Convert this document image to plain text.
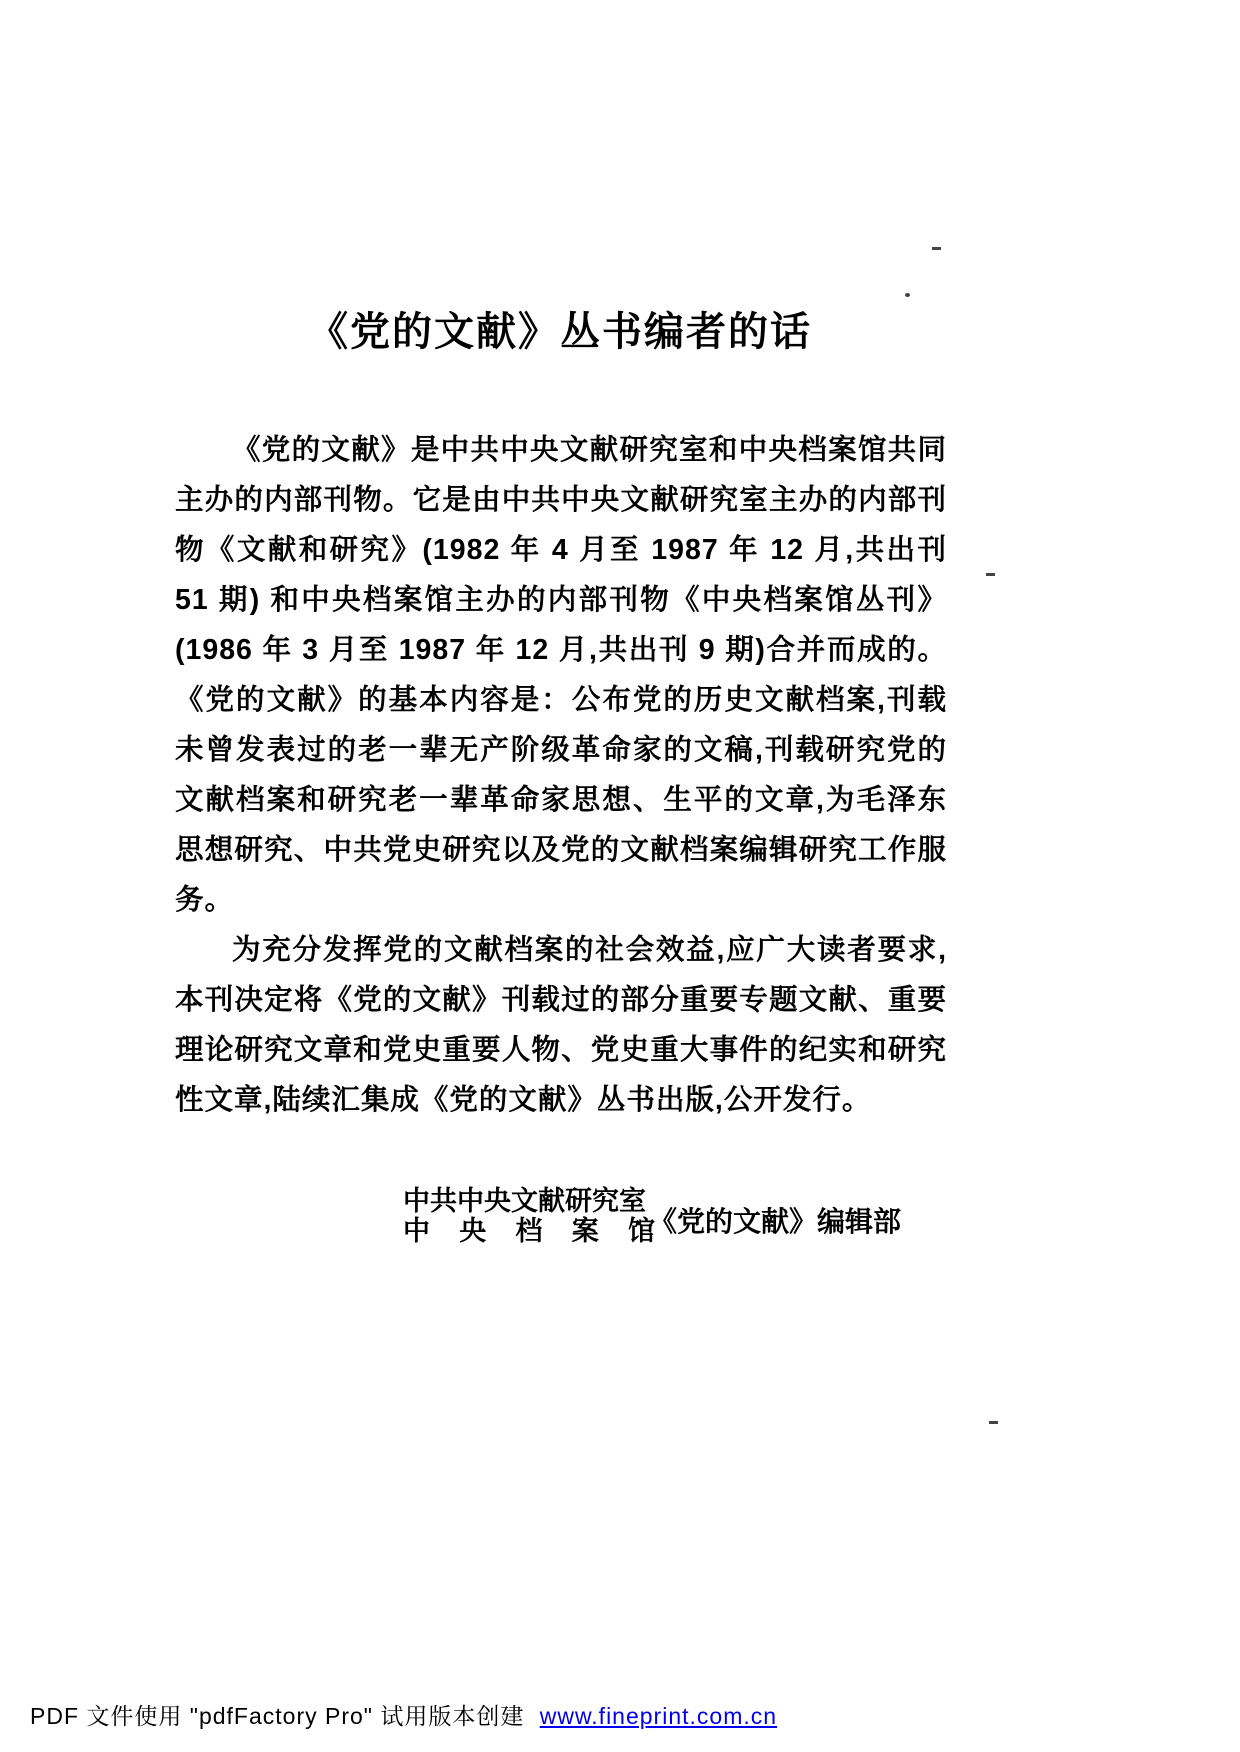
《党的文献》丛书编者的话

《党的文献》是中共中央文献研究室和中央档案馆共同主办的内部刊物。它是由中共中央文献研究室主办的内部刊物《文献和研究》(1982 年 4 月至 1987 年 12 月,共出刊 51 期) 和中央档案馆主办的内部刊物《中央档案馆丛刊》(1986 年 3 月至 1987 年 12 月,共出刊 9 期)合并而成的。《党的文献》的基本内容是：公布党的历史文献档案,刊载未曾发表过的老一辈无产阶级革命家的文稿,刊载研究党的文献档案和研究老一辈革命家思想、生平的文章,为毛泽东思想研究、中共党史研究以及党的文献档案编辑研究工作服务。

为充分发挥党的文献档案的社会效益,应广大读者要求,本刊决定将《党的文献》刊载过的部分重要专题文献、重要理论研究文章和党史重要人物、党史重大事件的纪实和研究性文章,陆续汇集成《党的文献》丛书出版,公开发行。

中共中央文献研究室
中 央 档 案 馆
《党的文献》编辑部
PDF 文件使用 "pdfFactory Pro" 试用版本创建 www.fineprint.com.cn
